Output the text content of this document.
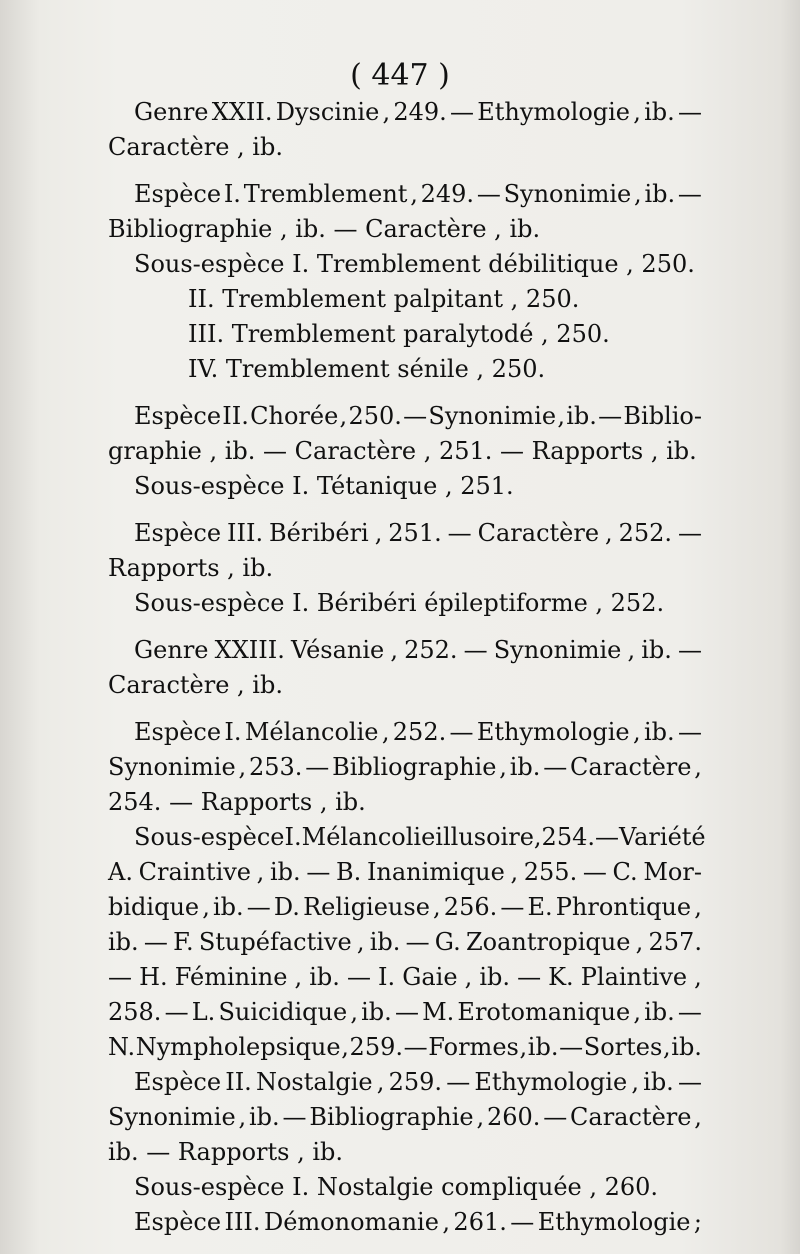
( 447 )
Genre XXII. Dyscinie , 249. — Ethymologie , ib. —
Caractère , ib.
Espèce I. Tremblement , 249. — Synonimie , ib. —
Bibliographie , ib. — Caractère , ib.
Sous-espèce I. Tremblement débilitique , 250.
II. Tremblement palpitant , 250.
III. Tremblement paralytodé , 250.
IV. Tremblement sénile , 250.
Espèce II. Chorée , 250. — Synonimie , ib. — Biblio-
graphie , ib. — Caractère , 251. — Rapports , ib.
Sous-espèce I. Tétanique , 251.
Espèce III. Béribéri , 251. — Caractère , 252. —
Rapports , ib.
Sous-espèce I. Béribéri épileptiforme , 252.
Genre XXIII. Vésanie , 252. — Synonimie , ib. —
Caractère , ib.
Espèce I. Mélancolie , 252. — Ethymologie , ib. —
Synonimie , 253. — Bibliographie , ib. — Caractère ,
254. — Rapports , ib.
Sous-espèce I. Mélancolie illusoire , 254. — Variété
A. Craintive , ib. — B. Inanimique , 255. — C. Mor-
bidique , ib. — D. Religieuse , 256. — E. Phrontique ,
ib. — F. Stupéfactive , ib. — G. Zoantropique , 257.
— H. Féminine , ib. — I. Gaie , ib. — K. Plaintive ,
258. — L. Suicidique , ib. — M. Erotomanique , ib. —
N. Nympholepsique , 259. — Formes , ib. — Sortes , ib.
Espèce II. Nostalgie , 259. — Ethymologie , ib. —
Synonimie , ib. — Bibliographie , 260. — Caractère ,
ib. — Rapports , ib.
Sous-espèce I. Nostalgie compliquée , 260.
Espèce III. Démonomanie , 261. — Ethymologie ;
